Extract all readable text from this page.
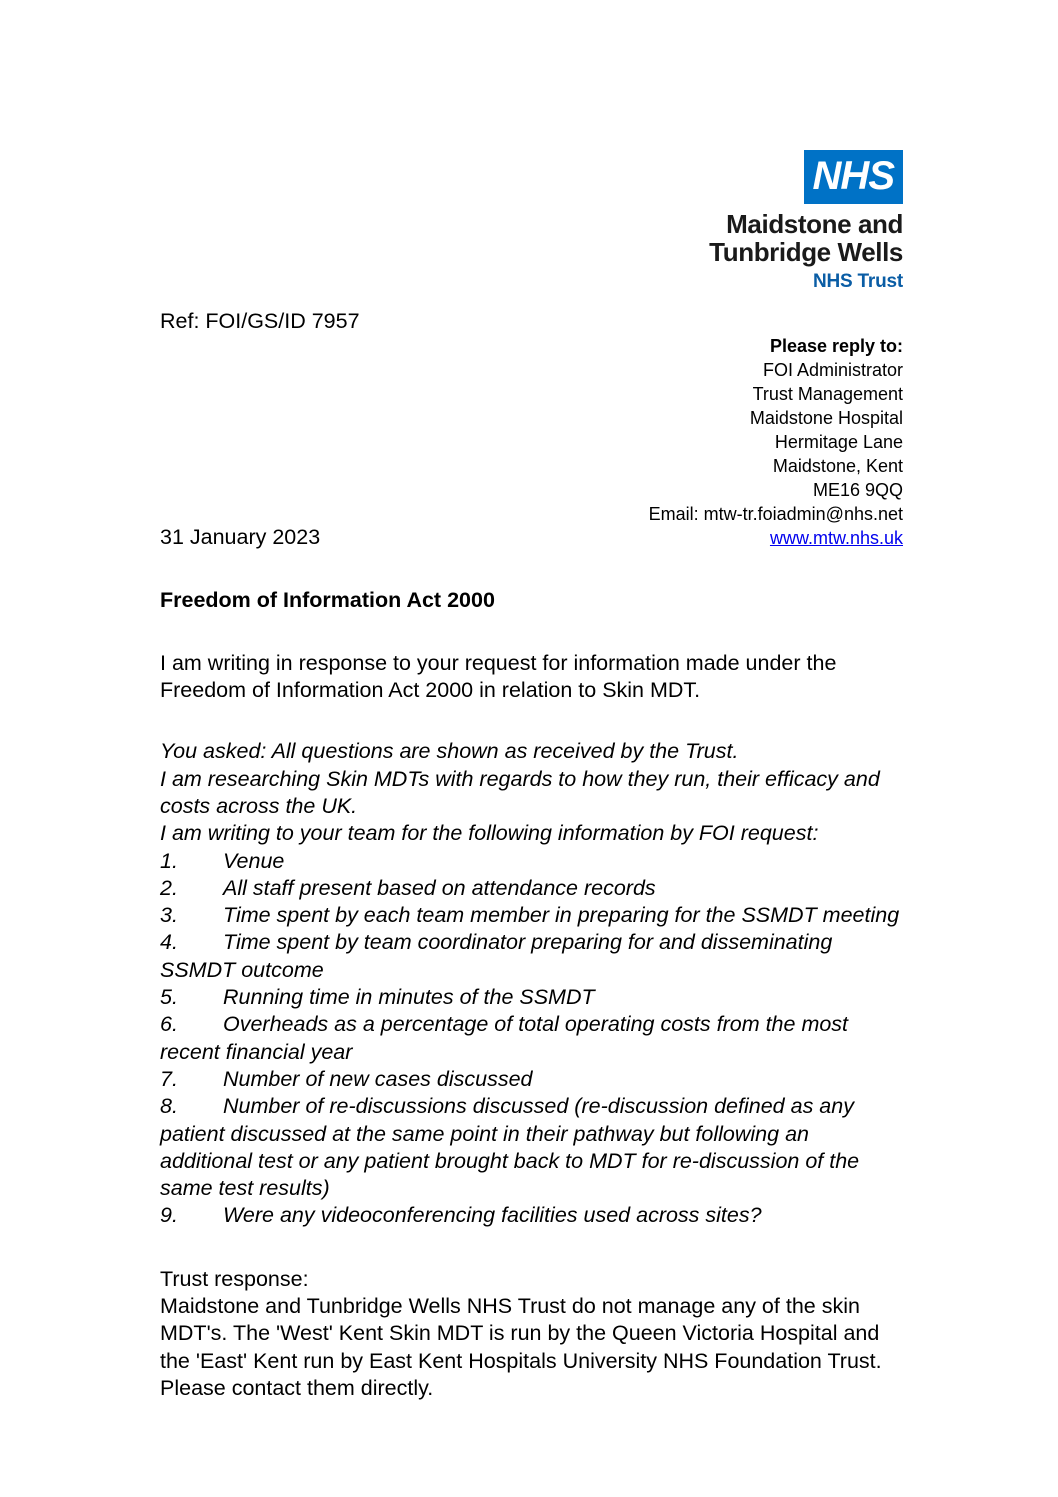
NHS
Maidstone and
Tunbridge Wells
NHS Trust
Ref: FOI/GS/ID 7957
Please reply to:
FOI Administrator
Trust Management
Maidstone Hospital
Hermitage Lane
Maidstone, Kent
ME16 9QQ
Email: mtw-tr.foiadmin@nhs.net
www.mtw.nhs.uk

31 January 2023

Freedom of Information Act 2000

I am writing in response to your request for information made under the
Freedom of Information Act 2000 in relation to Skin MDT.

You asked: All questions are shown as received by the Trust.

I am researching Skin MDTs with regards to how they run, their efficacy and

costs across the UK.

I am writing to your team for the following information by FOI request:

1. Venue
2. All staff present based on attendance records
3. Time spent by each team member in preparing for the SSMDT meeting
4. Time spent by team coordinator preparing for and disseminating SSMDT outcome
5. Running time in minutes of the SSMDT
6. Overheads as a percentage of total operating costs from the most recent financial year
7. Number of new cases discussed
8. Number of re-discussions discussed (re-discussion defined as any patient discussed at the same point in their pathway but following an additional test or any patient brought back to MDT for re-discussion of the same test results)
9. Were any videoconferencing facilities used across sites?

Trust response:

Maidstone and Tunbridge Wells NHS Trust do not manage any of the skin

MDT's. The 'West' Kent Skin MDT is run by the Queen Victoria Hospital and

the 'East' Kent run by East Kent Hospitals University NHS Foundation Trust.

Please contact them directly.
